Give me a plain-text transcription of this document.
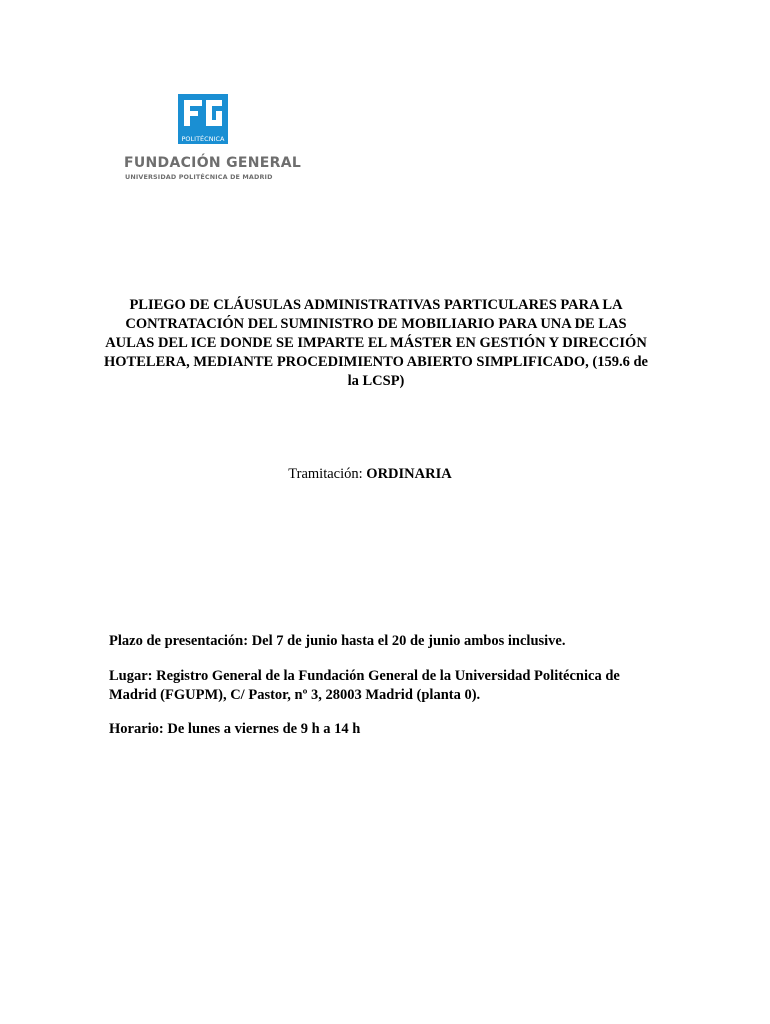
POLITÉCNICA
FUNDACIÓN GENERAL
UNIVERSIDAD POLITÉCNICA DE MADRID
PLIEGO DE CLÁUSULAS ADMINISTRATIVAS PARTICULARES PARA LA CONTRATACIÓN DEL SUMINISTRO DE MOBILIARIO PARA UNA DE LAS AULAS DEL ICE DONDE SE IMPARTE EL MÁSTER EN GESTIÓN Y DIRECCIÓN HOTELERA, MEDIANTE PROCEDIMIENTO ABIERTO SIMPLIFICADO, (159.6 de la LCSP)
Tramitación: ORDINARIA
Plazo de presentación: Del 7 de junio hasta el 20 de junio ambos inclusive.
Lugar: Registro General de la Fundación General de la Universidad Politécnica de Madrid (FGUPM), C/ Pastor, nº 3, 28003 Madrid (planta 0).
Horario: De lunes a viernes de 9 h a 14 h
